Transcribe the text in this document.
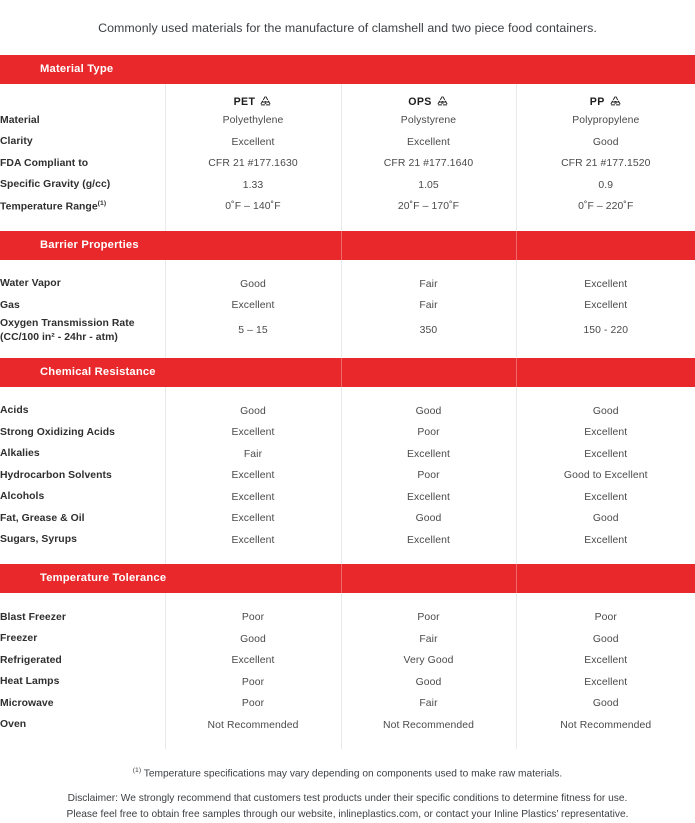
Commonly used materials for the manufacture of clamshell and two piece food containers.
Material Type			

	PET 1	OPS 6	PP 5

Material	Polyethylene	Polystyrene	Polypropylene
Clarity	Excellent	Excellent	Good
FDA Compliant to	CFR 21 #177.1630	CFR 21 #177.1640	CFR 21 #177.1520
Specific Gravity (g/cc)	1.33	1.05	0.9
Temperature Range$^{(1)}$	0˚F – 140˚F	20˚F – 170˚F	0˚F – 220˚F

Barrier Properties			

Water Vapor	Good	Fair	Excellent
Gas	Excellent	Fair	Excellent
Oxygen Transmission Rate
(CC/100 in² - 24hr - atm)	5 – 15	350	150 - 220

Chemical Resistance			

Acids	Good	Good	Good
Strong Oxidizing Acids	Excellent	Poor	Excellent
Alkalies	Fair	Excellent	Excellent
Hydrocarbon Solvents	Excellent	Poor	Good to Excellent
Alcohols	Excellent	Excellent	Excellent
Fat, Grease & Oil	Excellent	Good	Good
Sugars, Syrups	Excellent	Excellent	Excellent

Temperature Tolerance			

Blast Freezer	Poor	Poor	Poor
Freezer	Good	Fair	Good
Refrigerated	Excellent	Very Good	Excellent
Heat Lamps	Poor	Good	Excellent
Microwave	Poor	Fair	Good
Oven	Not Recommended	Not Recommended	Not Recommended

$^{(1)}$ Temperature specifications may vary depending on components used to make raw materials.
Disclaimer: We strongly recommend that customers test products under their specific conditions to determine fitness for use.
Please feel free to obtain free samples through our website, inlineplastics.com, or contact your Inline Plastics’ representative.
